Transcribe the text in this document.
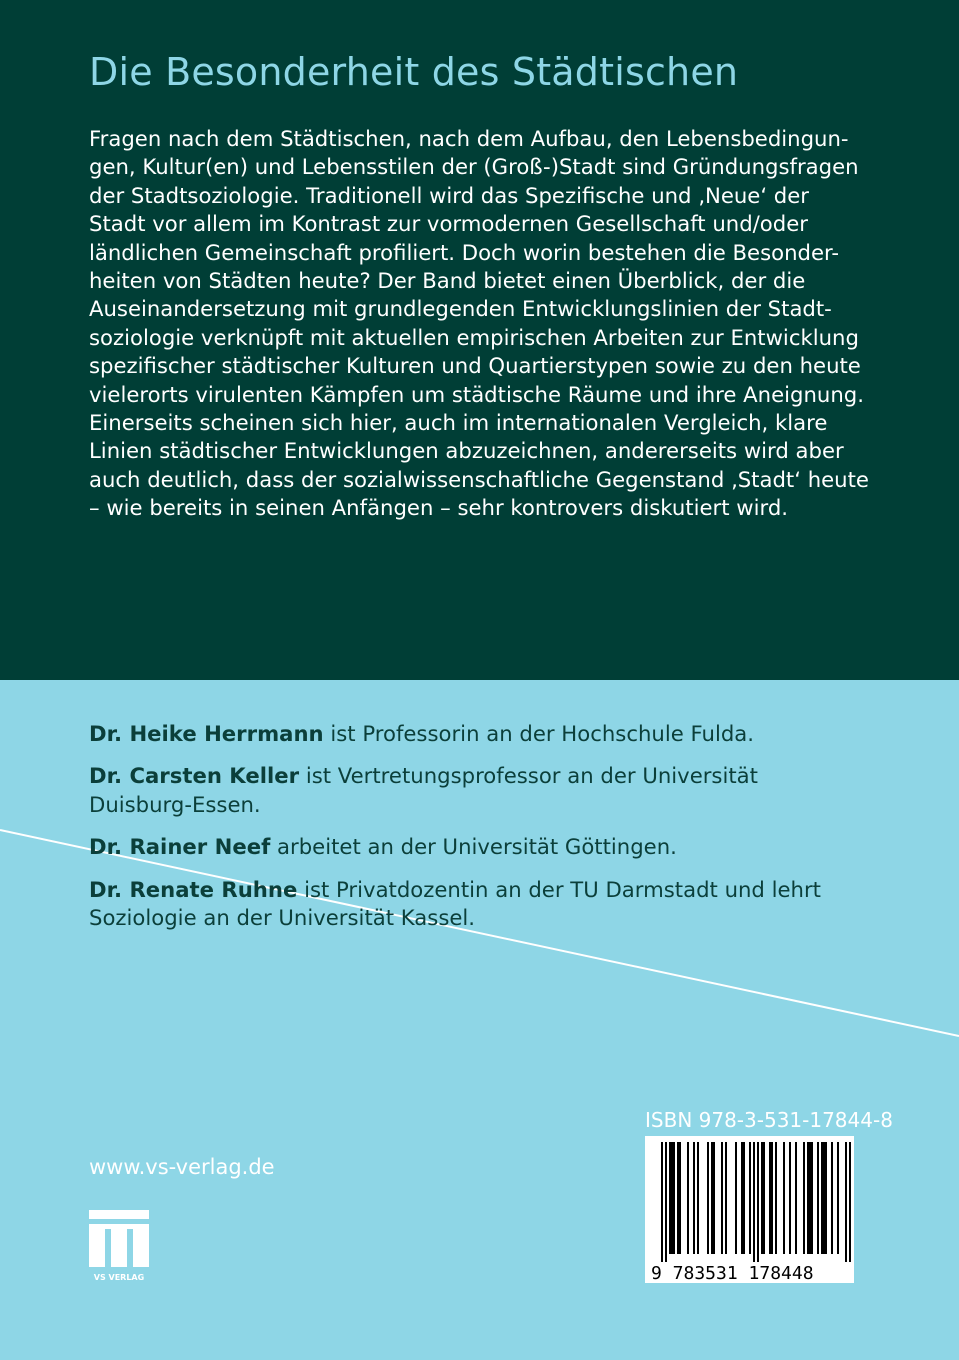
Die Besonderheit des Städtischen
Fragen nach dem Städtischen, nach dem Aufbau, den Lebensbedingun-
gen, Kultur(en) und Lebensstilen der (Groß-)Stadt sind Gründungsfragen
der Stadtsoziologie. Traditionell wird das Spezifische und ‚Neue‘ der
Stadt vor allem im Kontrast zur vormodernen Gesellschaft und/oder
ländlichen Gemeinschaft profiliert. Doch worin bestehen die Besonder-
heiten von Städten heute? Der Band bietet einen Überblick, der die
Auseinandersetzung mit grundlegenden Entwicklungslinien der Stadt-
soziologie verknüpft mit aktuellen empirischen Arbeiten zur Entwicklung
spezifischer städtischer Kulturen und Quartierstypen sowie zu den heute
vielerorts virulenten Kämpfen um städtische Räume und ihre Aneignung.
Einerseits scheinen sich hier, auch im internationalen Vergleich, klare
Linien städtischer Entwicklungen abzuzeichnen, andererseits wird aber
auch deutlich, dass der sozialwissenschaftliche Gegenstand ‚Stadt‘ heute
– wie bereits in seinen Anfängen – sehr kontrovers diskutiert wird.
Dr. Heike Herrmann ist Professorin an der Hochschule Fulda.
Dr. Carsten Keller ist Vertretungsprofessor an der Universität
Duisburg-Essen.
Dr. Rainer Neef arbeitet an der Universität Göttingen.
Dr. Renate Ruhne ist Privatdozentin an der TU Darmstadt und lehrt
Soziologie an der Universität Kassel.
www.vs-verlag.de
VS VERLAG
ISBN 978-3-531-17844-8
9 783531 178448
